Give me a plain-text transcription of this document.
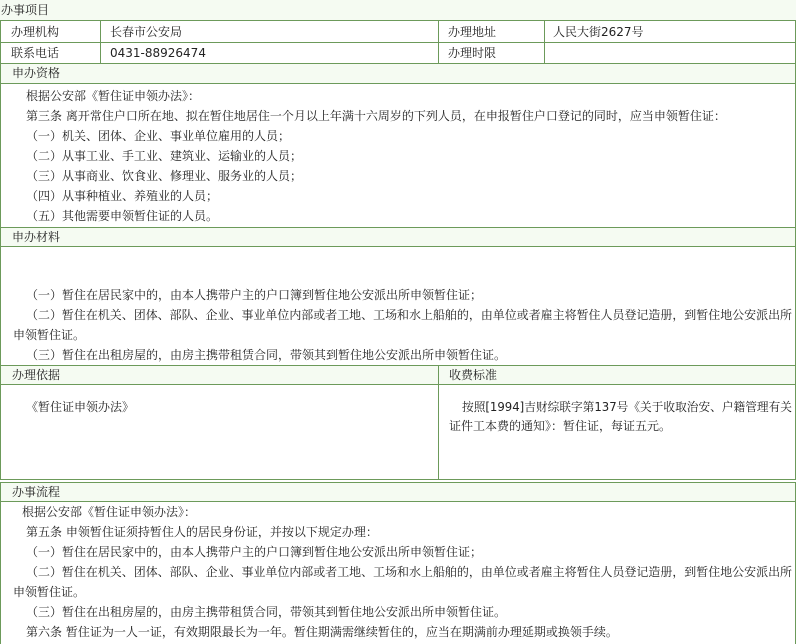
办事项目
办理机构	长春市公安局	办理地址	人民大街2627号
联系电话	0431-88926474	办理时限
申办资格
根据公安部《暂住证申领办法》：
第三条 离开常住户口所在地、拟在暂住地居住一个月以上年满十六周岁的下列人员，在申报暂住户口登记的同时，应当申领暂住证：
（一）机关、团体、企业、事业单位雇用的人员；
（二）从事工业、手工业、建筑业、运输业的人员；
（三）从事商业、饮食业、修理业、服务业的人员；
（四）从事种植业、养殖业的人员；
（五）其他需要申领暂住证的人员。
申办材料
（一）暂住在居民家中的，由本人携带户主的户口簿到暂住地公安派出所申领暂住证；
（二）暂住在机关、团体、部队、企业、事业单位内部或者工地、工场和水上船舶的，由单位或者雇主将暂住人员登记造册，到暂住地公安派出所
申领暂住证。
（三）暂住在出租房屋的，由房主携带租赁合同，带领其到暂住地公安派出所申领暂住证。
办理依据	收费标准
《暂住证申领办法》	按照[1994]吉财综联字第137号《关于收取治安、户籍管理有关
证件工本费的通知》：暂住证，每证五元。
办事流程
根据公安部《暂住证申领办法》：
第五条 申领暂住证须持暂住人的居民身份证，并按以下规定办理：
（一）暂住在居民家中的，由本人携带户主的户口簿到暂住地公安派出所申领暂住证；
（二）暂住在机关、团体、部队、企业、事业单位内部或者工地、工场和水上船舶的，由单位或者雇主将暂住人员登记造册，到暂住地公安派出所
申领暂住证。
（三）暂住在出租房屋的，由房主携带租赁合同，带领其到暂住地公安派出所申领暂住证。
第六条 暂住证为一人一证，有效期限最长为一年。暂住期满需继续暂住的，应当在期满前办理延期或换领手续。
